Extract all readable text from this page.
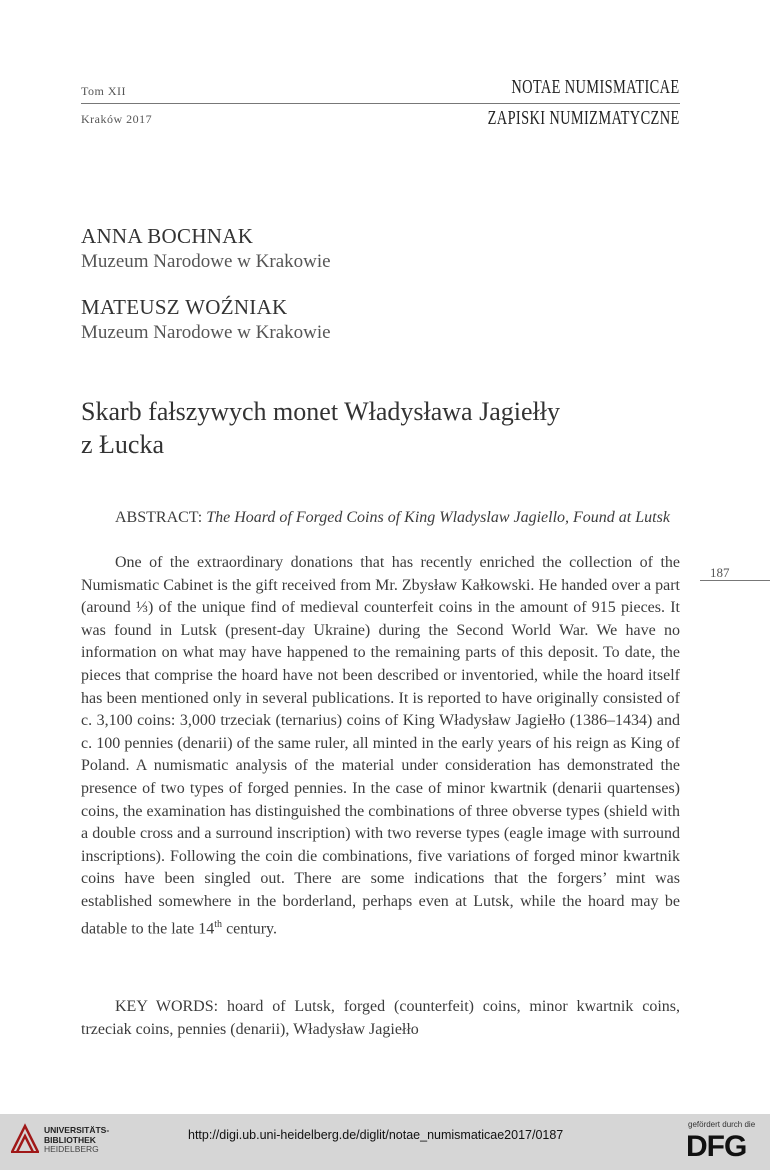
Tom XII
Kraków 2017
NOTAE NUMISMATICAE
ZAPISKI NUMIZMATYCZNE
ANNA BOCHNAK
Muzeum Narodowe w Krakowie
MATEUSZ WOŹNIAK
Muzeum Narodowe w Krakowie
Skarb fałszywych monet Władysława Jagiełły
z Łucka
ABSTRACT: The Hoard of Forged Coins of King Wladyslaw Jagiello, Found at Lutsk
One of the extraordinary donations that has recently enriched the collection of the Numismatic Cabinet is the gift received from Mr. Zbysław Kałkowski. He handed over a part (around ⅓) of the unique find of medieval counterfeit coins in the amount of 915 pieces. It was found in Lutsk (present-day Ukraine) during the Second World War. We have no information on what may have happened to the remaining parts of this deposit. To date, the pieces that comprise the hoard have not been described or inventoried, while the hoard itself has been mentioned only in several publications. It is reported to have originally consisted of c. 3,100 coins: 3,000 trzeciak (ternarius) coins of King Władysław Jagiełło (1386–1434) and c. 100 pennies (denarii) of the same ruler, all minted in the early years of his reign as King of Poland. A numismatic analysis of the material under consideration has demonstrated the presence of two types of forged pennies. In the case of minor kwartnik (denarii quartenses) coins, the examination has distinguished the combinations of three obverse types (shield with a double cross and a surround inscription) with two reverse types (eagle image with surround inscriptions). Following the coin die combinations, five variations of forged minor kwartnik coins have been singled out. There are some indications that the forgers’ mint was established somewhere in the borderland, perhaps even at Lutsk, while the hoard may be datable to the late 14th century.
KEY WORDS: hoard of Lutsk, forged (counterfeit) coins, minor kwartnik coins, trzeciak coins, pennies (denarii), Władysław Jagiełło
187
UNIVERSITÄTS-
BIBLIOTHEK
HEIDELBERG
http://digi.ub.uni-heidelberg.de/diglit/notae_numismaticae2017/0187
gefördert durch die
DFG
